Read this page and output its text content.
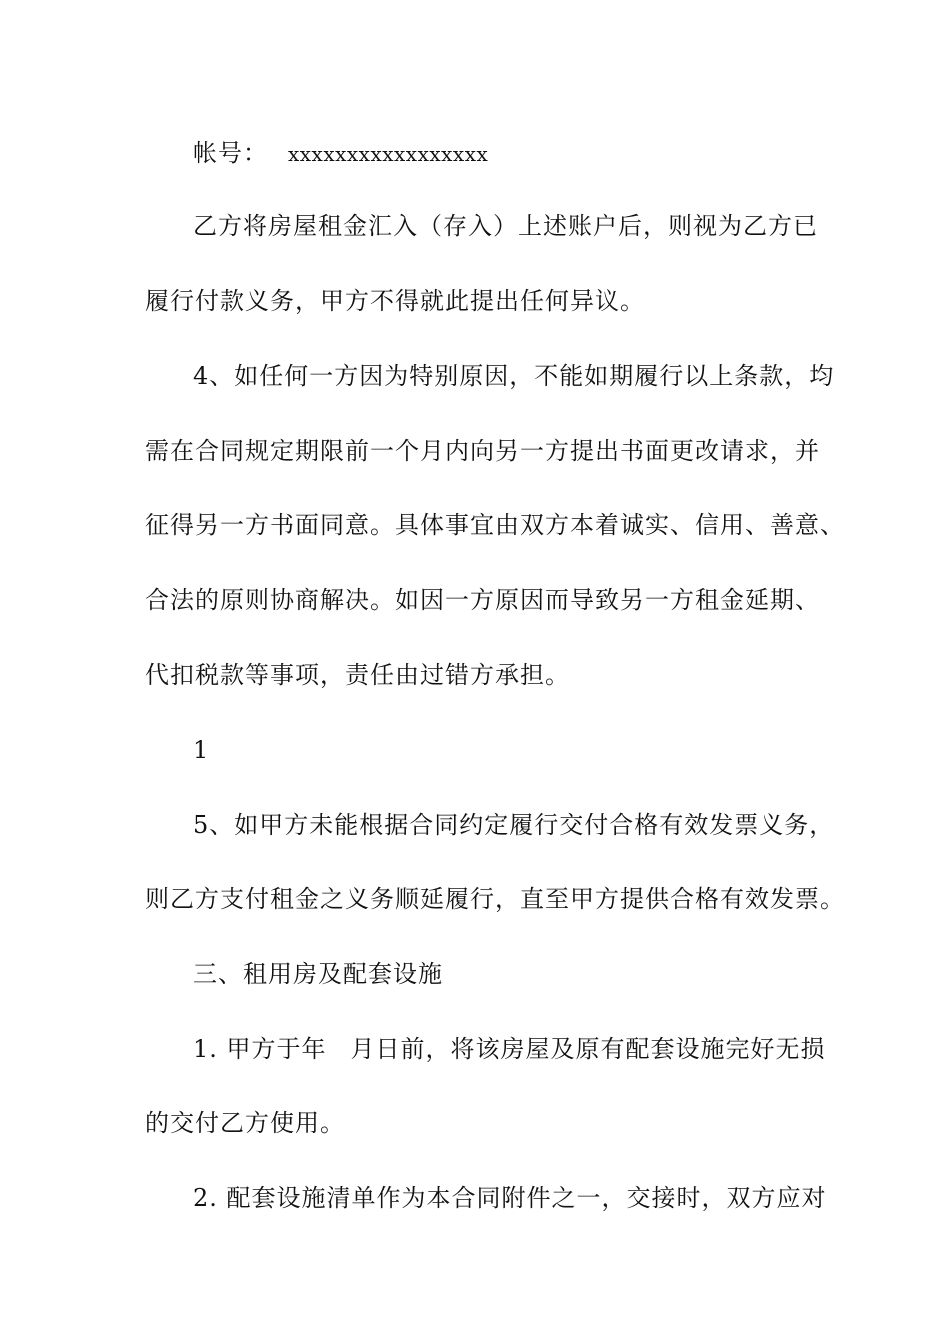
帐号： xxxxxxxxxxxxxxxxx
乙方将房屋租金汇入（存入）上述账户后，则视为乙方已
履行付款义务，甲方不得就此提出任何异议。
4、如任何一方因为特别原因，不能如期履行以上条款，均
需在合同规定期限前一个月内向另一方提出书面更改请求，并
征得另一方书面同意。具体事宜由双方本着诚实、信用、善意、
合法的原则协商解决。如因一方原因而导致另一方租金延期、
代扣税款等事项，责任由过错方承担。
1
5、如甲方未能根据合同约定履行交付合格有效发票义务，
则乙方支付租金之义务顺延履行，直至甲方提供合格有效发票。
三、租用房及配套设施
1. 甲方于年 月日前，将该房屋及原有配套设施完好无损
的交付乙方使用。
2. 配套设施清单作为本合同附件之一，交接时，双方应对
